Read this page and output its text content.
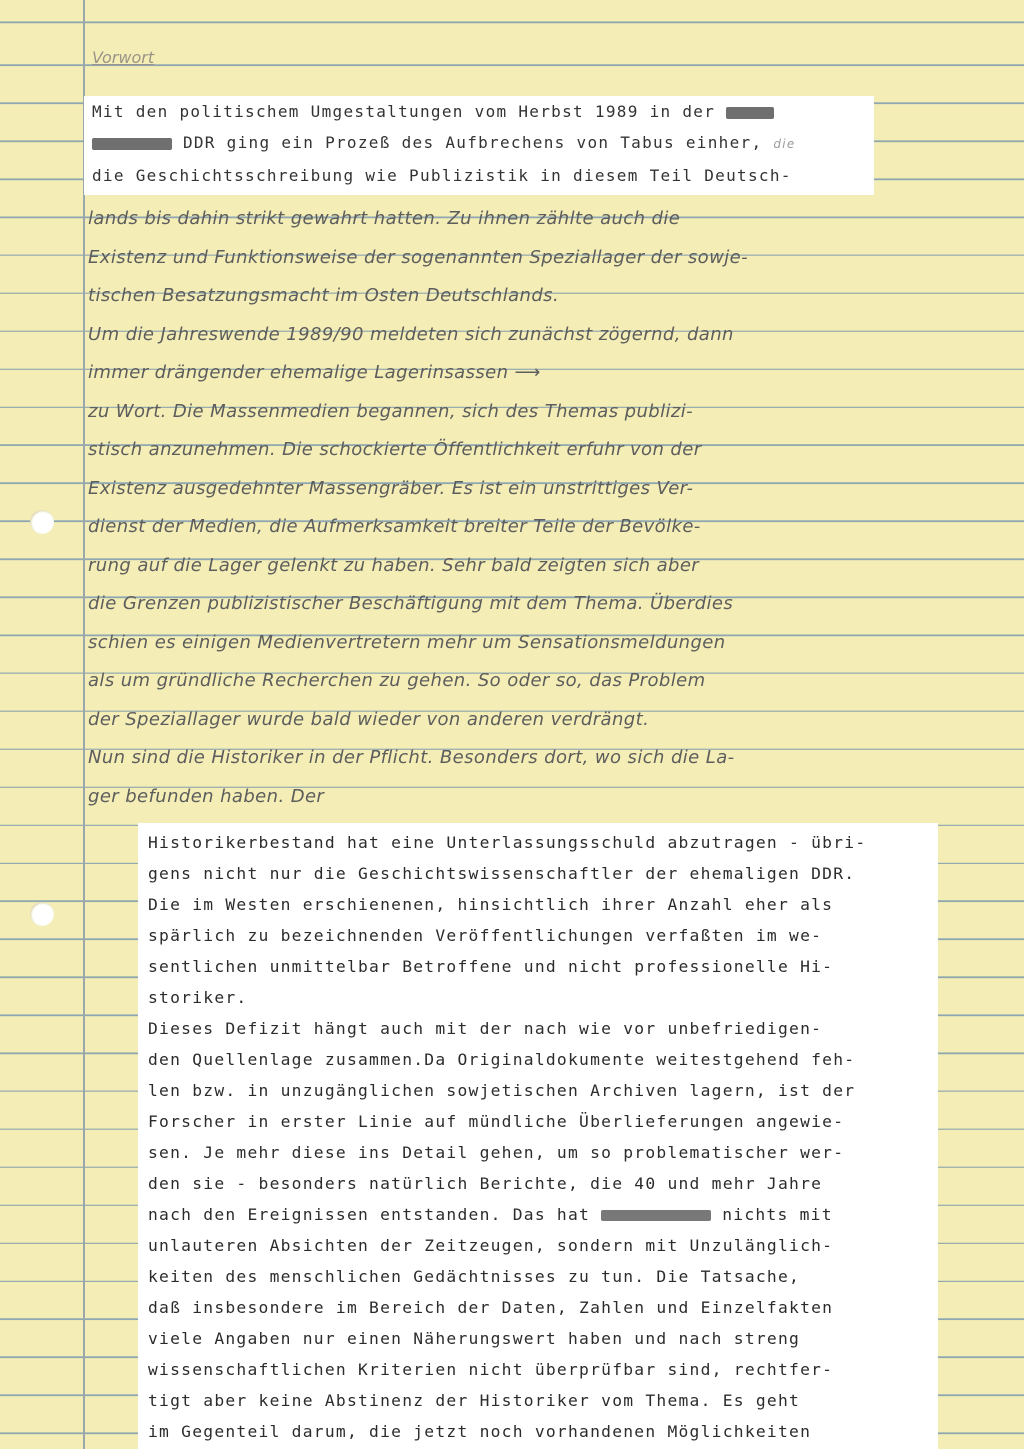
Vorwort

Mit den politischem Umgestaltungen vom Herbst 1989 in der

DDR ging ein Prozeß des Aufbrechens von Tabus einher, die

die Geschichtsschreibung wie Publizistik in diesem Teil Deutsch-

lands bis dahin strikt gewahrt hatten. Zu ihnen zählte auch die

Existenz und Funktionsweise der sogenannten Speziallager der sowje-

tischen Besatzungsmacht im Osten Deutschlands.

Um die Jahreswende 1989/90 meldeten sich zunächst zögernd, dann

immer drängender ehemalige Lagerinsassen ⟶

zu Wort. Die Massenmedien begannen, sich des Themas publizi-

stisch anzunehmen. Die schockierte Öffentlichkeit erfuhr von der

Existenz ausgedehnter Massengräber. Es ist ein unstrittiges Ver-

dienst der Medien, die Aufmerksamkeit breiter Teile der Bevölke-

rung auf die Lager gelenkt zu haben. Sehr bald zeigten sich aber

die Grenzen publizistischer Beschäftigung mit dem Thema. Überdies

schien es einigen Medienvertretern mehr um Sensationsmeldungen

als um gründliche Recherchen zu gehen. So oder so, das Problem

der Speziallager wurde bald wieder von anderen verdrängt.

Nun sind die Historiker in der Pflicht. Besonders dort, wo sich die La-

ger befunden haben. Der

Historikerbestand hat eine Unterlassungsschuld abzutragen - übri-

gens nicht nur die Geschichtswissenschaftler der ehemaligen DDR.

Die im Westen erschienenen, hinsichtlich ihrer Anzahl eher als

spärlich zu bezeichnenden Veröffentlichungen verfaßten im we-

sentlichen unmittelbar Betroffene und nicht professionelle Hi-

storiker.

Dieses Defizit hängt auch mit der nach wie vor unbefriedigen-

den Quellenlage zusammen.Da Originaldokumente weitestgehend feh-

len bzw. in unzugänglichen sowjetischen Archiven lagern, ist der

Forscher in erster Linie auf mündliche Überlieferungen angewie-

sen. Je mehr diese ins Detail gehen, um so problematischer wer-

den sie - besonders natürlich Berichte, die 40 und mehr Jahre

nach den Ereignissen entstanden. Das hat	nichts mit

unlauteren Absichten der Zeitzeugen, sondern mit Unzulänglich-

keiten des menschlichen Gedächtnisses zu tun. Die Tatsache,

daß insbesondere im Bereich der Daten, Zahlen und Einzelfakten

viele Angaben nur einen Näherungswert haben und nach streng

wissenschaftlichen Kriterien nicht überprüfbar sind, rechtfer-

tigt aber keine Abstinenz der Historiker vom Thema. Es geht

im Gegenteil darum, die jetzt noch vorhandenen Möglichkeiten
